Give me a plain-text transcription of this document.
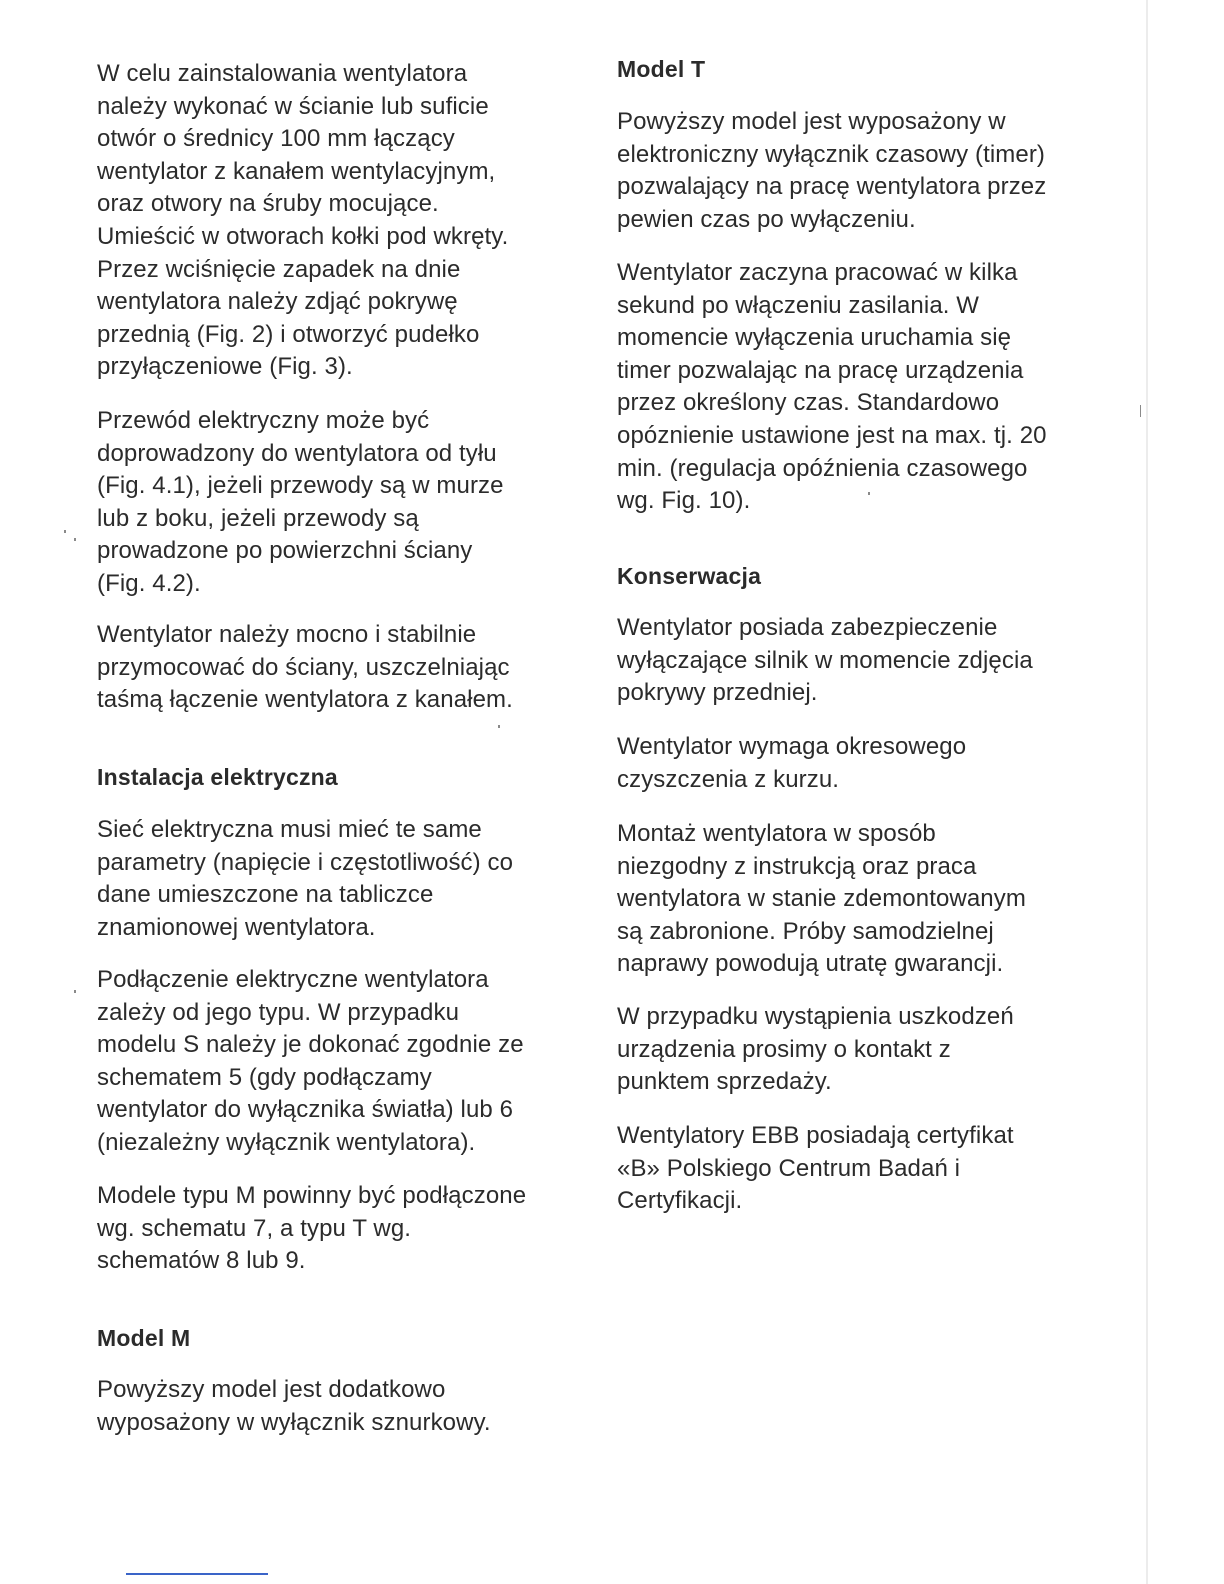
W celu zainstalowania wentylatora
należy wykonać w ścianie lub suficie
otwór o średnicy 100 mm łączący
wentylator z kanałem wentylacyjnym,
oraz otwory na śruby mocujące.
Umieścić w otworach kołki pod wkręty.
Przez wciśnięcie zapadek na dnie
wentylatora należy zdjąć pokrywę
przednią (Fig. 2) i otworzyć pudełko
przyłączeniowe (Fig. 3).

Przewód elektryczny może być
doprowadzony do wentylatora od tyłu
(Fig. 4.1), jeżeli przewody są w murze
lub z boku, jeżeli przewody są
prowadzone po powierzchni ściany
(Fig. 4.2).

Wentylator należy mocno i stabilnie
przymocować do ściany, uszczelniając
taśmą łączenie wentylatora z kanałem.

Instalacja elektryczna

Sieć elektryczna musi mieć te same
parametry (napięcie i częstotliwość) co
dane umieszczone na tabliczce
znamionowej wentylatora.

Podłączenie elektryczne wentylatora
zależy od jego typu. W przypadku
modelu S należy je dokonać zgodnie ze
schematem 5 (gdy podłączamy
wentylator do wyłącznika światła) lub 6
(niezależny wyłącznik wentylatora).

Modele typu M powinny być podłączone
wg. schematu 7, a typu T wg.
schematów 8 lub 9.

Model M

Powyższy model jest dodatkowo
wyposażony w wyłącznik sznurkowy.

Model T

Powyższy model jest wyposażony w
elektroniczny wyłącznik czasowy (timer)
pozwalający na pracę wentylatora przez
pewien czas po wyłączeniu.

Wentylator zaczyna pracować w kilka
sekund po włączeniu zasilania. W
momencie wyłączenia uruchamia się
timer pozwalając na pracę urządzenia
przez określony czas. Standardowo
opóznienie ustawione jest na max. tj. 20
min. (regulacja opóźnienia czasowego
wg. Fig. 10).

Konserwacja

Wentylator posiada zabezpieczenie
wyłączające silnik w momencie zdjęcia
pokrywy przedniej.

Wentylator wymaga okresowego
czyszczenia z kurzu.

Montaż wentylatora w sposób
niezgodny z instrukcją oraz praca
wentylatora w stanie zdemontowanym
są zabronione. Próby samodzielnej
naprawy powodują utratę gwarancji.

W przypadku wystąpienia uszkodzeń
urządzenia prosimy o kontakt z
punktem sprzedaży.

Wentylatory EBB posiadają certyfikat
«B» Polskiego Centrum Badań i
Certyfikacji.
